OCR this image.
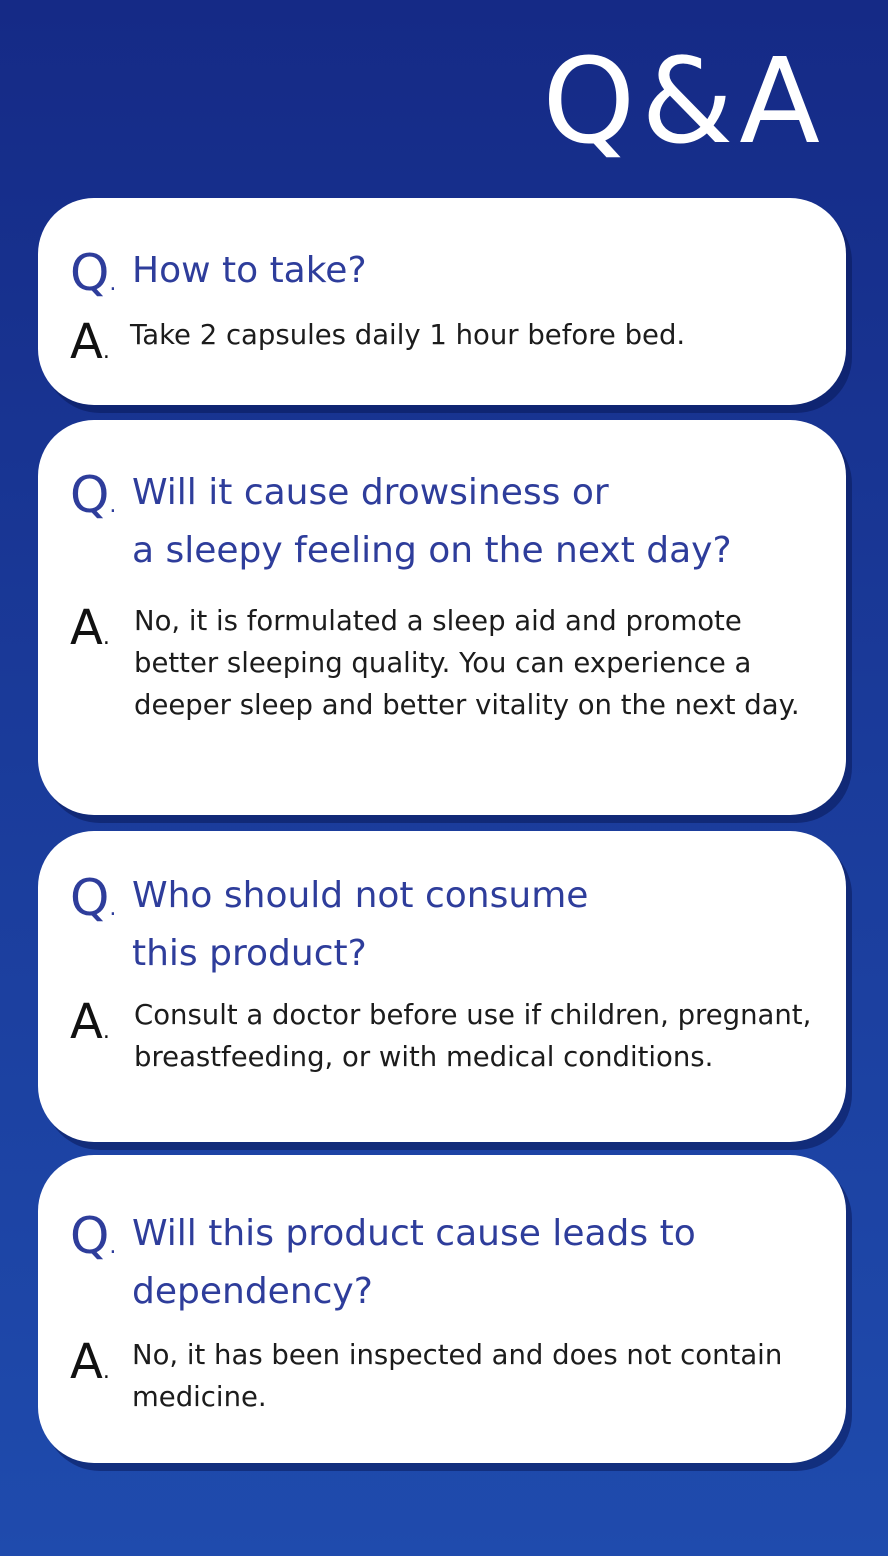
Q&A
Q. How to take?
A.
Take 2 capsules daily 1 hour before bed.
Q. Will it cause drowsiness or
a sleepy feeling on the next day?
A.
No, it is formulated a sleep aid and promote better sleeping quality. You can experience a deeper sleep and better vitality on the next day.
Q. Who should not consume
this product?
A.
Consult a doctor before use if children, pregnant, breastfeeding, or with medical conditions.
Q. Will this product cause leads to
dependency?
A.
No, it has been inspected and does not contain medicine.
